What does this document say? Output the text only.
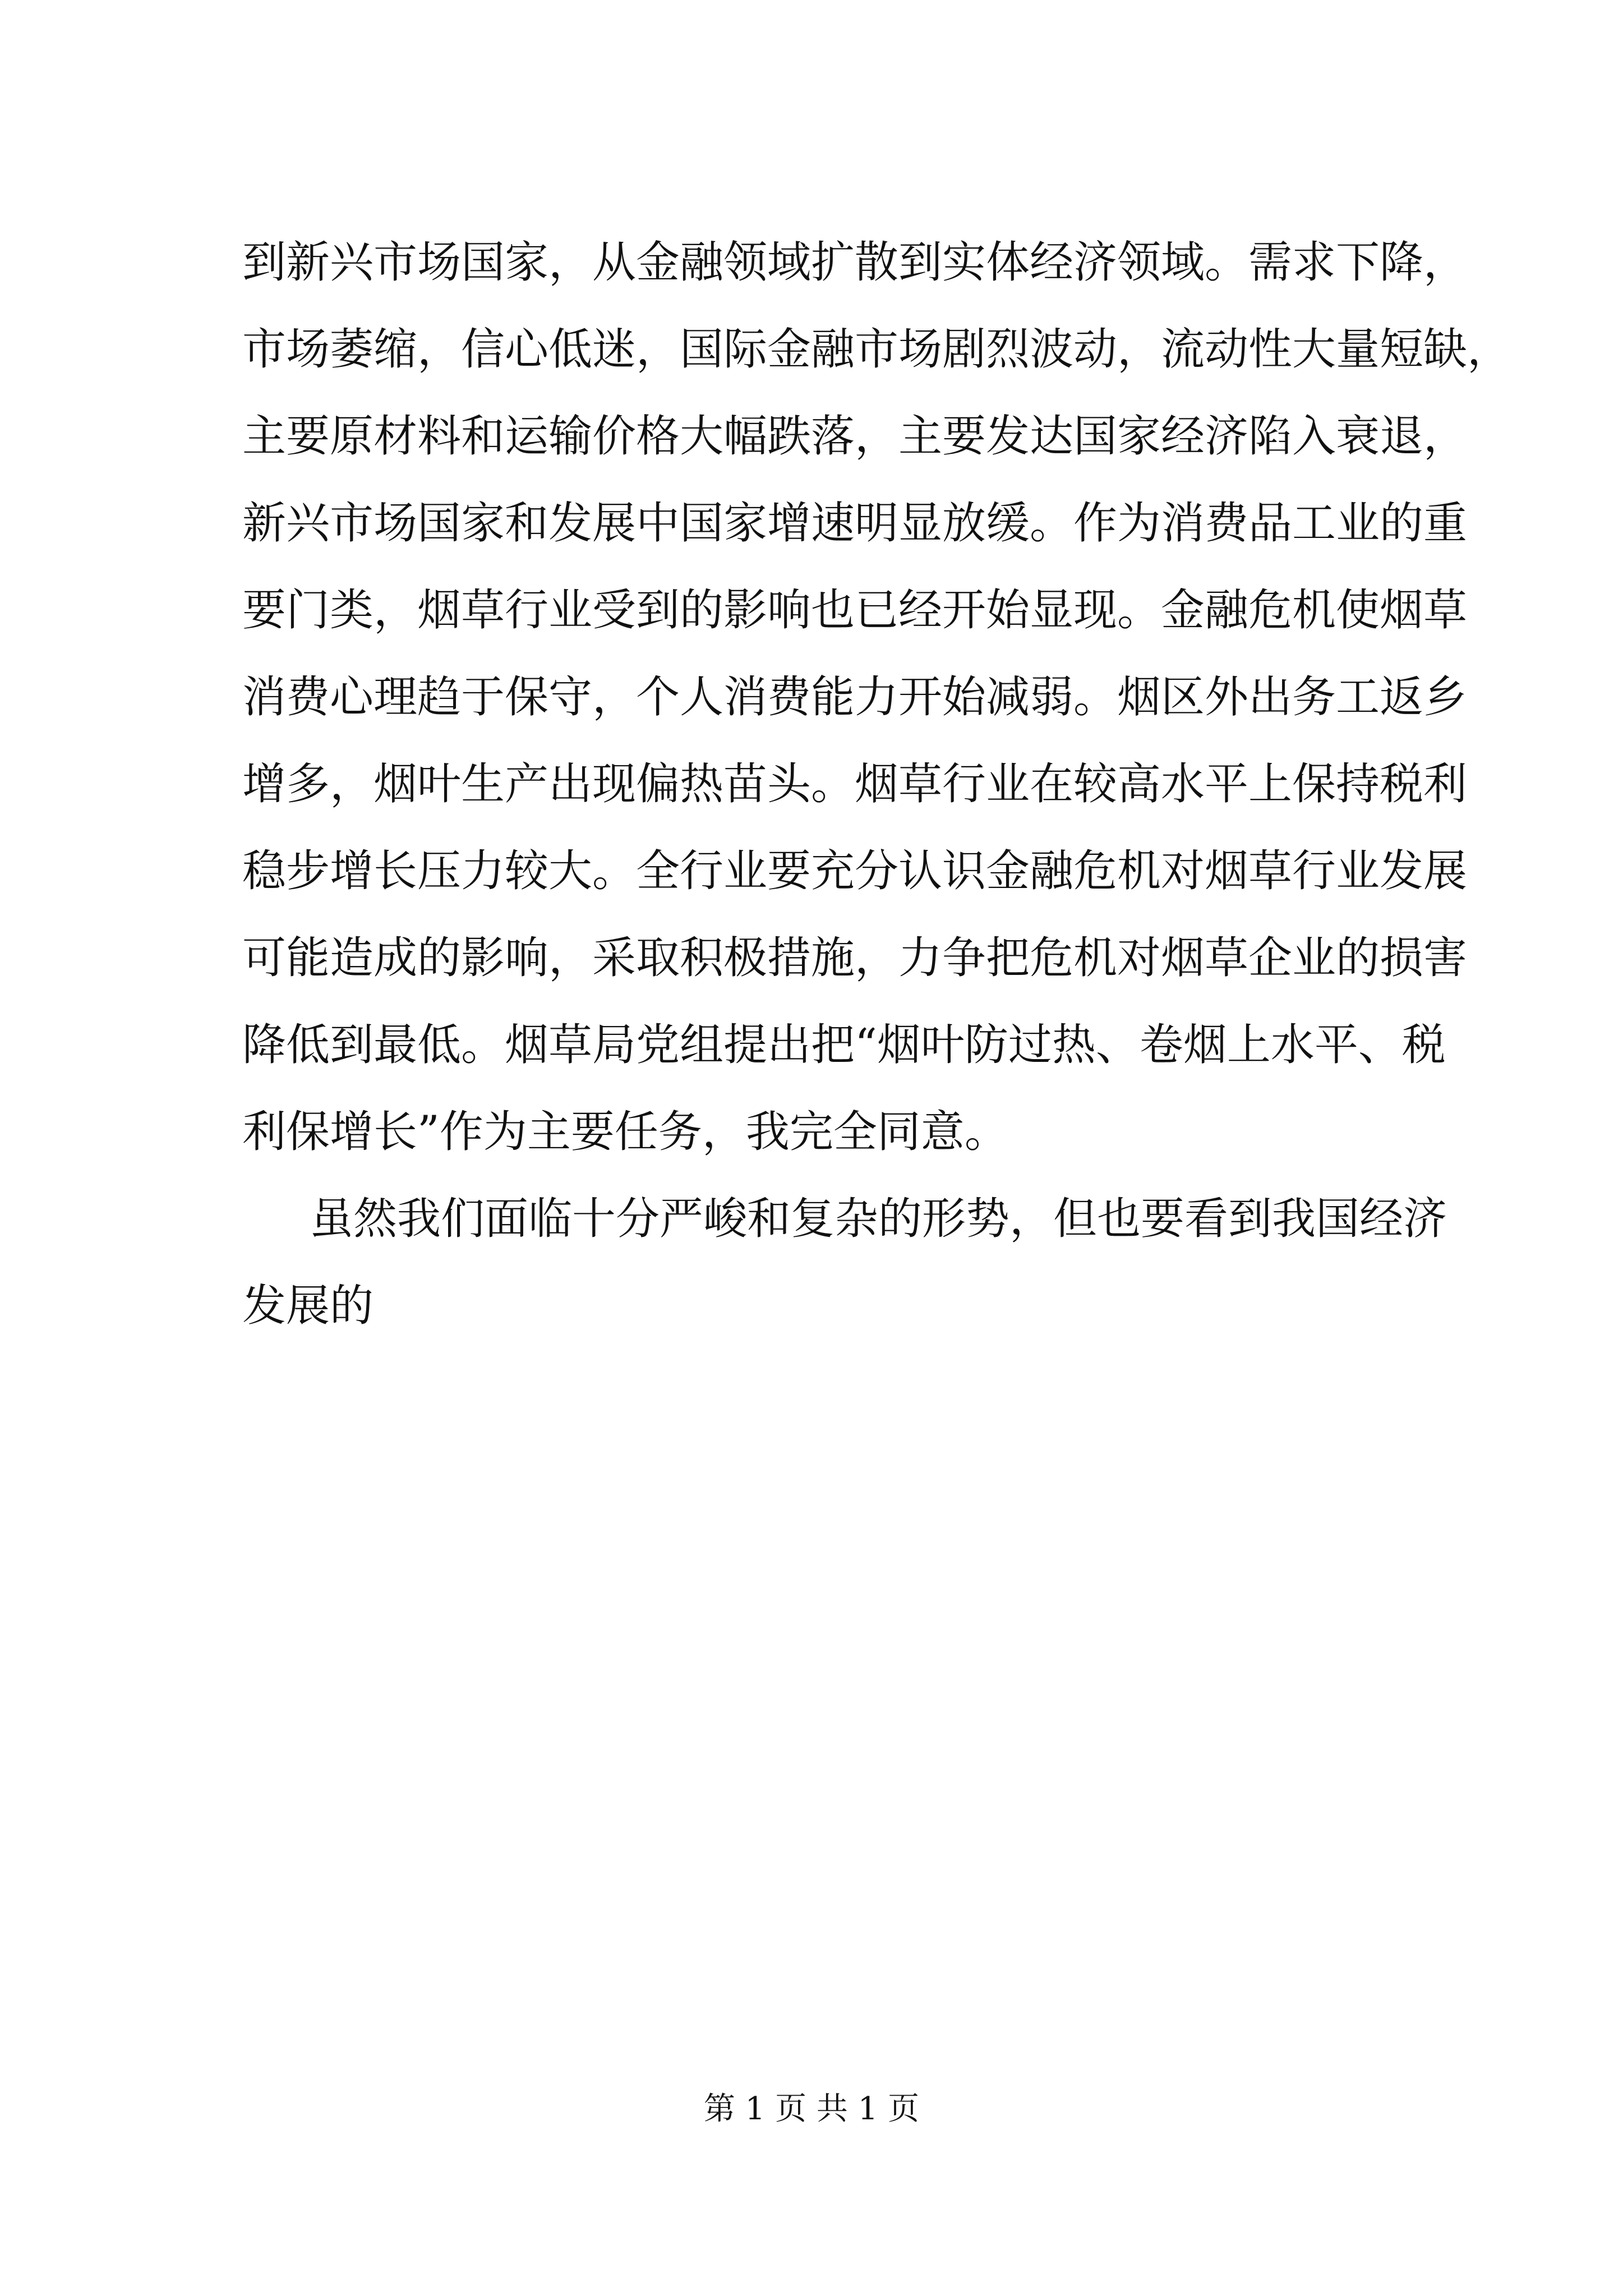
到新兴市场国家，从金融领域扩散到实体经济领域。需求下降，
市场萎缩，信心低迷，国际金融市场剧烈波动，流动性大量短缺，
主要原材料和运输价格大幅跌落，主要发达国家经济陷入衰退，
新兴市场国家和发展中国家增速明显放缓。作为消费品工业的重
要门类，烟草行业受到的影响也已经开始显现。金融危机使烟草
消费心理趋于保守，个人消费能力开始减弱。烟区外出务工返乡
增多，烟叶生产出现偏热苗头。烟草行业在较高水平上保持税利
稳步增长压力较大。全行业要充分认识金融危机对烟草行业发展
可能造成的影响，采取积极措施，力争把危机对烟草企业的损害
降低到最低。烟草局党组提出把“烟叶防过热、卷烟上水平、税
利保增长”作为主要任务，我完全同意。
虽然我们面临十分严峻和复杂的形势，但也要看到我国经济
发展的
第 1 页 共 1 页
